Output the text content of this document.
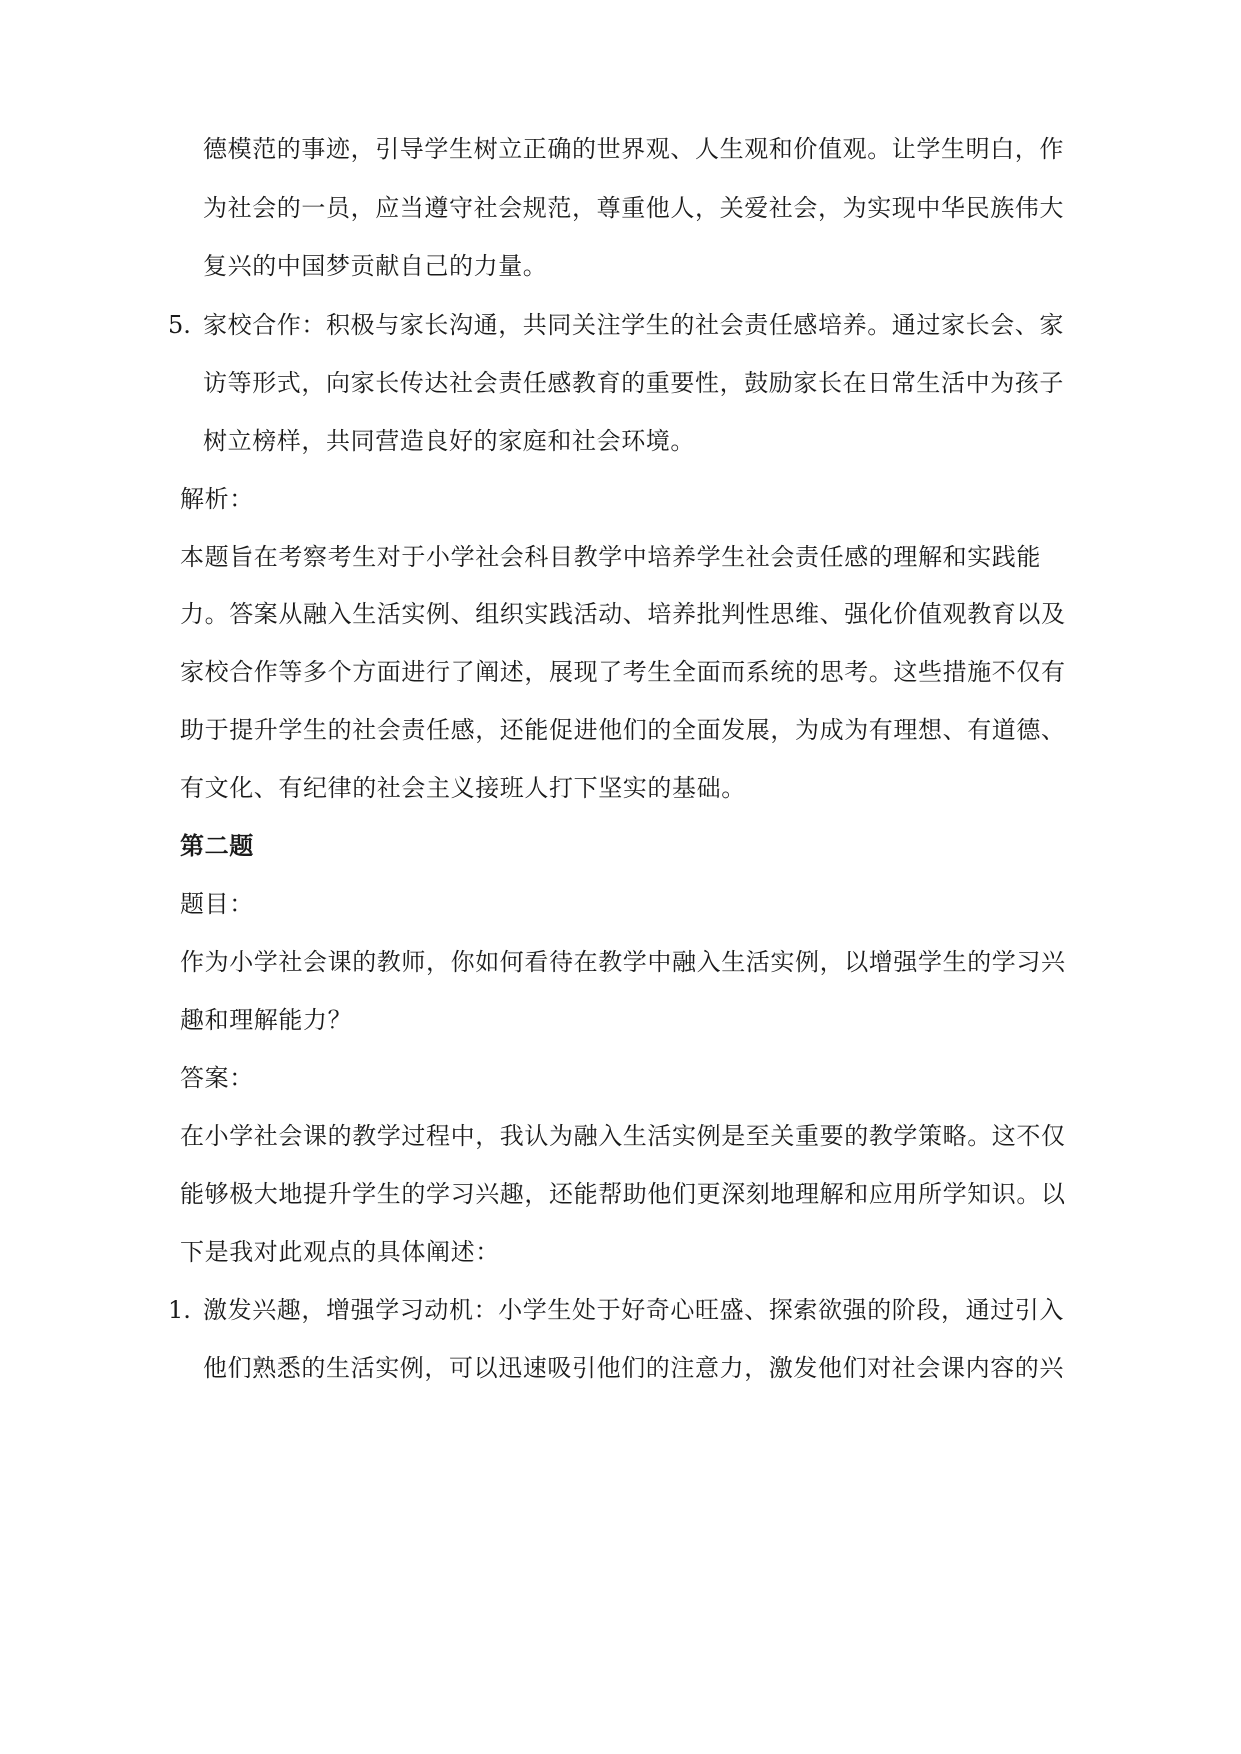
德模范的事迹，引导学生树立正确的世界观、人生观和价值观。让学生明白，作
为社会的一员，应当遵守社会规范，尊重他人，关爱社会，为实现中华民族伟大
复兴的中国梦贡献自己的力量。
5. 家校合作：积极与家长沟通，共同关注学生的社会责任感培养。通过家长会、家
访等形式，向家长传达社会责任感教育的重要性，鼓励家长在日常生活中为孩子
树立榜样，共同营造良好的家庭和社会环境。
解析：
本题旨在考察考生对于小学社会科目教学中培养学生社会责任感的理解和实践能
力。答案从融入生活实例、组织实践活动、培养批判性思维、强化价值观教育以及
家校合作等多个方面进行了阐述，展现了考生全面而系统的思考。这些措施不仅有
助于提升学生的社会责任感，还能促进他们的全面发展，为成为有理想、有道德、
有文化、有纪律的社会主义接班人打下坚实的基础。
第二题
题目：
作为小学社会课的教师，你如何看待在教学中融入生活实例，以增强学生的学习兴
趣和理解能力？
答案：
在小学社会课的教学过程中，我认为融入生活实例是至关重要的教学策略。这不仅
能够极大地提升学生的学习兴趣，还能帮助他们更深刻地理解和应用所学知识。以
下是我对此观点的具体阐述：
1. 激发兴趣，增强学习动机：小学生处于好奇心旺盛、探索欲强的阶段，通过引入
他们熟悉的生活实例，可以迅速吸引他们的注意力，激发他们对社会课内容的兴
